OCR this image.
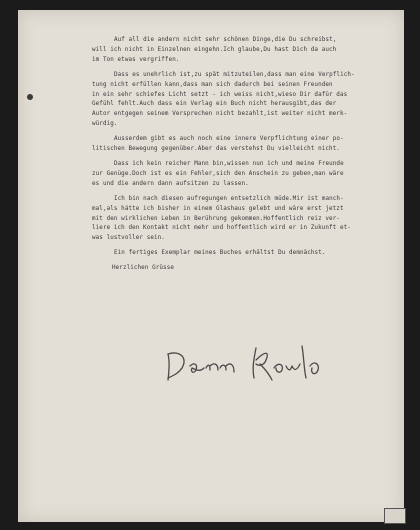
Auf all die andern nicht sehr schönen Dinge,die Du schreibst,
will ich nicht in Einzelnen eingehn.Ich glaube,Du hast Dich da auch
im Ton etwas vergriffen.

Dass es unehrlich ist,zu spät mitzuteilen,dass man eine Verpflich-
tung nicht erfüllen kann,dass man sich dadurch bei seinen Freunden
in ein sehr schiefes Licht setzt - ich weiss nicht,wieso Dir dafür das
Gefühl fehlt.Auch dass ein Verlag ein Buch nicht herausgibt,das der
Autor entgegen seinem Versprechen nicht bezahlt,ist weiter nicht merk-
würdig.

Ausserdem gibt es auch noch eine innere Verpflichtung einer po-
litischen Bewegung gegenüber.Aber das verstehst Du vielleicht nicht.

Dass ich kein reicher Mann bin,wissen nun ich und meine Freunde
zur Genüge.Doch ist es ein Fehler,sich den Anschein zu geben,man wäre
es und die andern dann aufsitzen zu lassen.

Ich bin nach diesen aufregungen entsetzlich müde.Mir ist manch-
mal,als hätte ich bisher in einem Glashaus gelebt und wäre erst jetzt
mit den wirklichen Leben in Berührung gekommen.Hoffentlich reiz ver-
liere ich den Kontakt nicht mehr und hoffentlich wird er in Zukunft et-
was lustvoller sein.

Ein fertiges Exemplar meines Buches erhältst Du demnächst.

Herzlichen Grüsse
